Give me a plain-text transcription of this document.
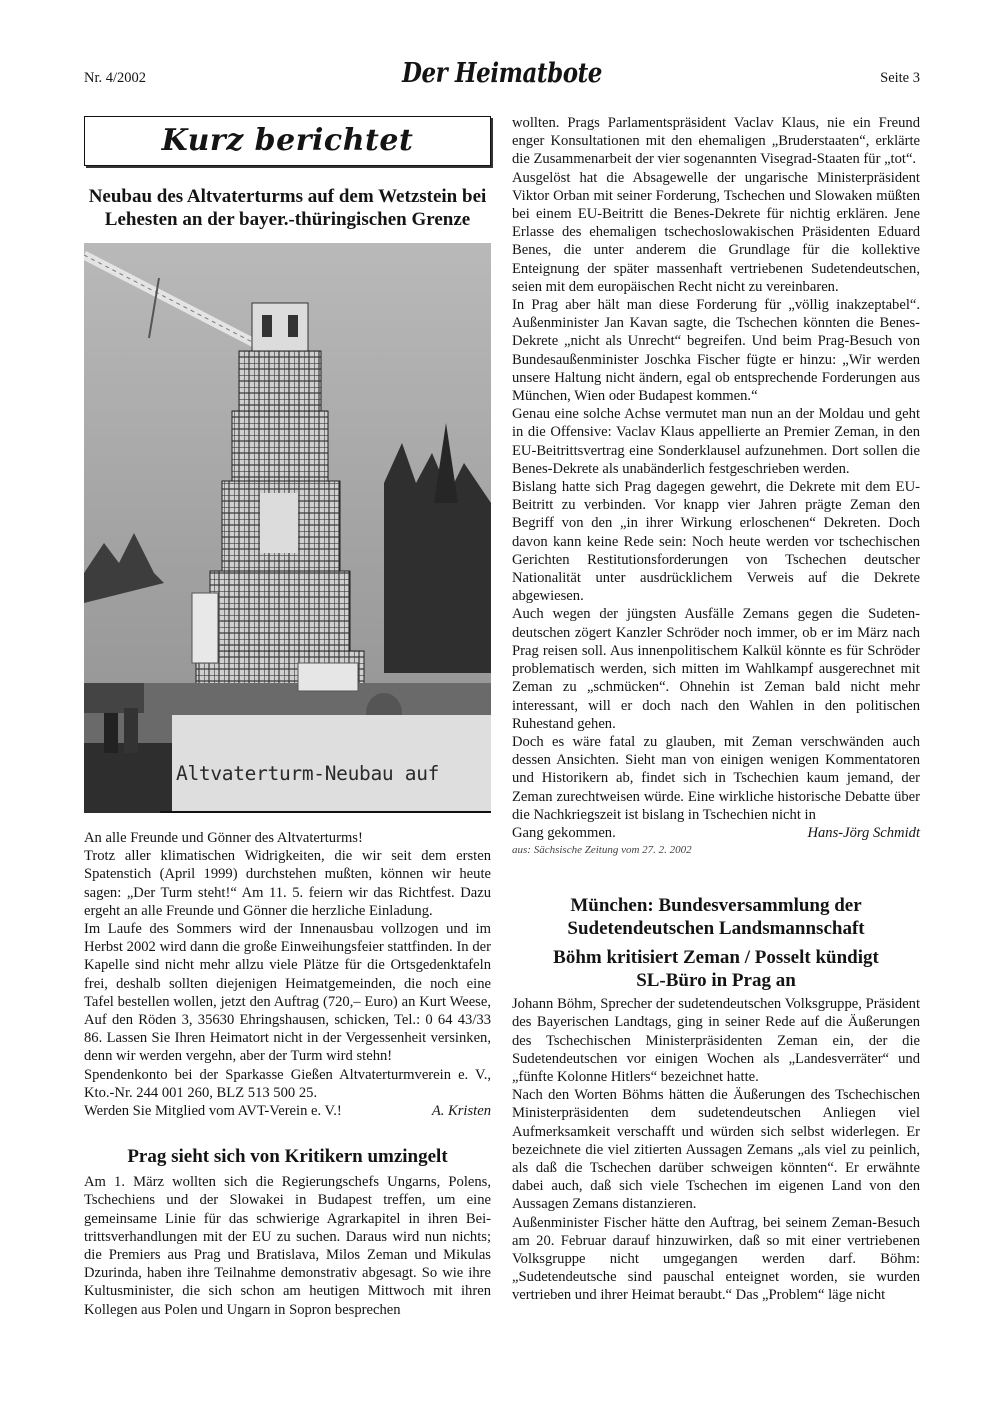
Nr. 4/2002	Der Heimatbote	Seite 3
Kurz berichtet
Neubau des Altvaterturms auf dem Wetzstein bei Lehesten an der bayer.-thüringischen Grenze

Altvaterturm-Neubau auf

An alle Freunde und Gönner des Altvaterturms!

Trotz aller klimatischen Widrigkeiten, die wir seit dem ersten Spatenstich (April 1999) durchstehen mußten, können wir heute sagen: „Der Turm steht!“ Am 11. 5. feiern wir das Richtfest. Dazu ergeht an alle Freunde und Gönner die herzliche Einladung.

Im Laufe des Sommers wird der Innenausbau vollzogen und im Herbst 2002 wird dann die große Einweihungsfeier stattfinden. In der Kapelle sind nicht mehr allzu viele Plätze für die Ortsgedenktafeln frei, deshalb sollten diejenigen Heimatgemeinden, die noch eine Tafel bestellen wollen, jetzt den Auftrag (720,– Euro) an Kurt Weese, Auf den Röden 3, 35630 Ehringshausen, schicken, Tel.: 0 64 43/33 86. Lassen Sie Ihren Heimatort nicht in der Vergessenheit versinken, denn wir werden vergehn, aber der Turm wird stehn!

Spendenkonto bei der Sparkasse Gießen Altvaterturmverein e. V., Kto.-Nr. 244 001 260, BLZ 513 500 25.

Werden Sie Mitglied vom AVT-Verein e. V.!	A. Kristen
Prag sieht sich von Kritikern umzingelt

Am 1. März wollten sich die Regierungschefs Ungarns, Polens, Tschechiens und der Slowakei in Budapest treffen, um eine gemeinsame Linie für das schwierige Agrarkapitel in ihren Beitrittsverhandlungen mit der EU zu suchen. Daraus wird nun nichts; die Premiers aus Prag und Bratislava, Milos Zeman und Mikulas Dzurinda, haben ihre Teilnahme demonstrativ abgesagt. So wie ihre Kultusminister, die sich schon am heutigen Mittwoch mit ihren Kollegen aus Polen und Ungarn in Sopron besprechen

wollten. Prags Parlamentspräsident Vaclav Klaus, nie ein Freund enger Konsultationen mit den ehemaligen „Bruderstaaten“, erklärte die Zusammenarbeit der vier sogenannten Visegrad-Staaten für „tot“.

Ausgelöst hat die Absagewelle der ungarische Ministerpräsident Viktor Orban mit seiner Forderung, Tschechen und Slowaken müßten bei einem EU-Beitritt die Benes-Dekrete für nichtig erklären. Jene Erlasse des ehemaligen tschechoslowakischen Präsidenten Eduard Benes, die unter anderem die Grundlage für die kollektive Enteignung der später massenhaft vertriebenen Sudetendeutschen, seien mit dem europäischen Recht nicht zu vereinbaren.

In Prag aber hält man diese Forderung für „völlig inakzeptabel“. Außenminister Jan Kavan sagte, die Tschechen könnten die Benes-Dekrete „nicht als Unrecht“ begreifen. Und beim Prag-Besuch von Bundesaußenminister Joschka Fischer fügte er hinzu: „Wir werden unsere Haltung nicht ändern, egal ob entsprechende Forderungen aus München, Wien oder Budapest kommen.“

Genau eine solche Achse vermutet man nun an der Moldau und geht in die Offensive: Vaclav Klaus appellierte an Premier Zeman, in den EU-Beitrittsvertrag eine Sonderklausel aufzunehmen. Dort sollen die Benes-Dekrete als unabänderlich festgeschrieben werden.

Bislang hatte sich Prag dagegen gewehrt, die Dekrete mit dem EU-Beitritt zu verbinden. Vor knapp vier Jahren prägte Zeman den Begriff von den „in ihrer Wirkung erloschenen“ Dekreten. Doch davon kann keine Rede sein: Noch heute werden vor tschechischen Gerichten Restitutionsforderungen von Tschechen deutscher Nationalität unter ausdrücklichem Verweis auf die Dekrete abgewiesen.

Auch wegen der jüngsten Ausfälle Zemans gegen die Sudetendeutschen zögert Kanzler Schröder noch immer, ob er im März nach Prag reisen soll. Aus innenpolitischem Kalkül könnte es für Schröder problematisch werden, sich mitten im Wahlkampf ausgerechnet mit Zeman zu „schmücken“. Ohnehin ist Zeman bald nicht mehr interessant, will er doch nach den Wahlen in den politischen Ruhestand gehen.

Doch es wäre fatal zu glauben, mit Zeman verschwänden auch dessen Ansichten. Sieht man von einigen wenigen Kommentatoren und Historikern ab, findet sich in Tschechien kaum jemand, der Zeman zurechtweisen würde. Eine wirkliche historische Debatte über die Nachkriegszeit ist bislang in Tschechien nicht in

Gang gekommen.	Hans-Jörg Schmidt
aus: Sächsische Zeitung vom 27. 2. 2002
München: Bundesversammlung der
Sudetendeutschen Landsmannschaft
Böhm kritisiert Zeman / Posselt kündigt
SL-Büro in Prag an

Johann Böhm, Sprecher der sudetendeutschen Volksgruppe, Präsident des Bayerischen Landtags, ging in seiner Rede auf die Äußerungen des Tschechischen Ministerpräsidenten Zeman ein, der die Sudetendeutschen vor einigen Wochen als „Landesverräter“ und „fünfte Kolonne Hitlers“ bezeichnet hatte.

Nach den Worten Böhms hätten die Äußerungen des Tschechischen Ministerpräsidenten dem sudetendeutschen Anliegen viel Aufmerksamkeit verschafft und würden sich selbst widerlegen. Er bezeichnete die viel zitierten Aussagen Zemans „als viel zu peinlich, als daß die Tschechen darüber schweigen könnten“. Er erwähnte dabei auch, daß sich viele Tschechen im eigenen Land von den Aussagen Zemans distanzieren.

Außenminister Fischer hätte den Auftrag, bei seinem Zeman-Besuch am 20. Februar darauf hinzuwirken, daß so mit einer vertriebenen Volksgruppe nicht umgegangen werden darf. Böhm: „Sudetendeutsche sind pauschal enteignet worden, sie wurden vertrieben und ihrer Heimat beraubt.“ Das „Problem“ läge nicht
